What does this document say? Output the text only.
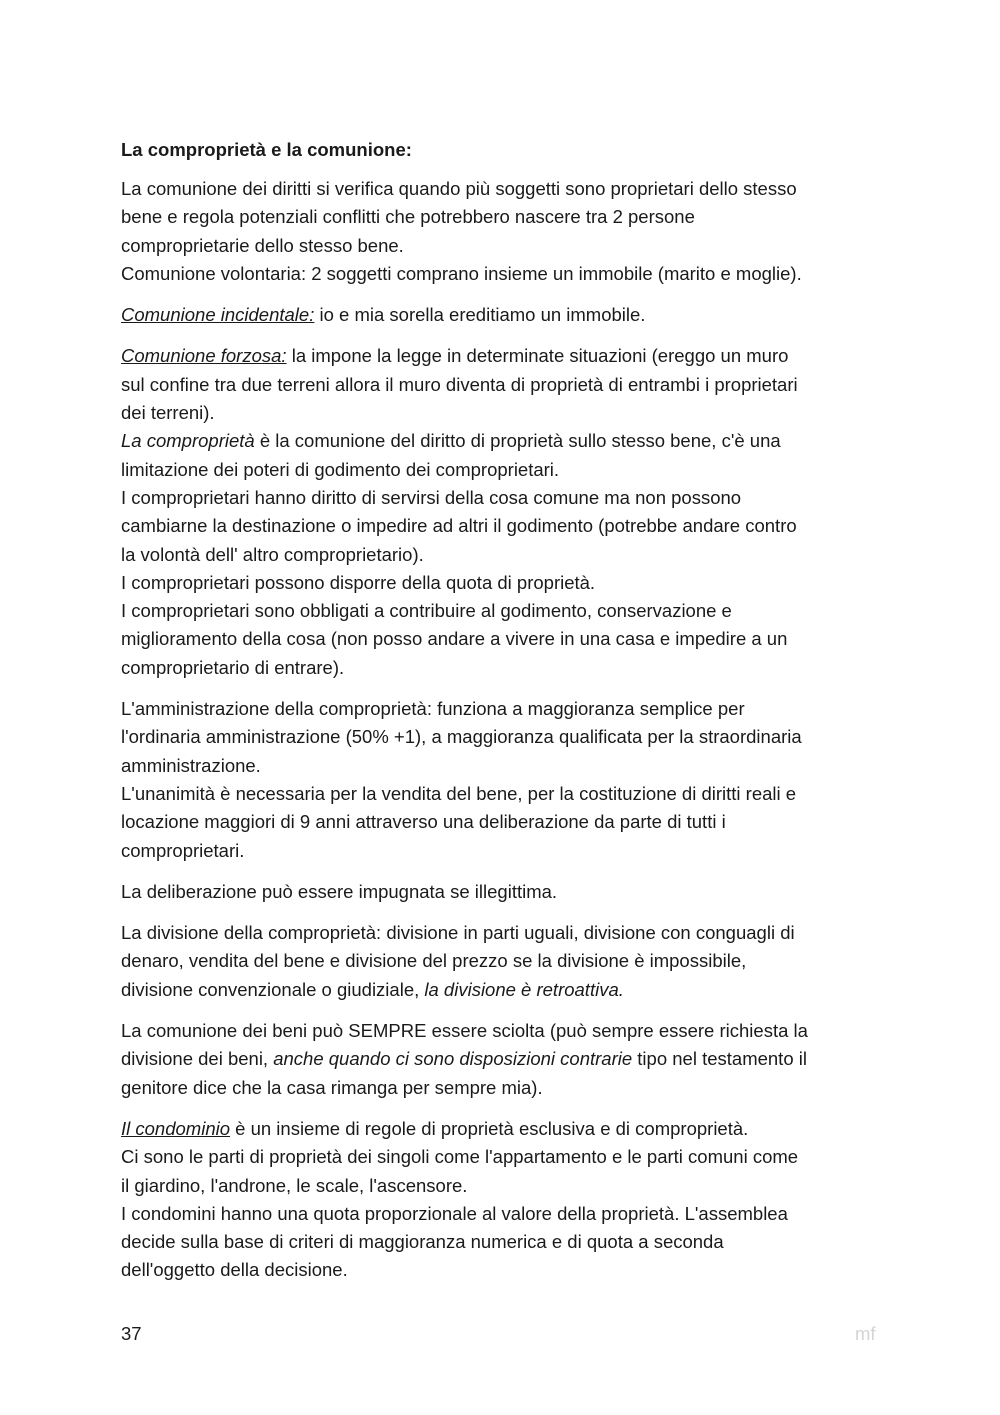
La comproprietà e la comunione:
La comunione dei diritti si verifica quando più soggetti sono proprietari dello stesso
bene e regola potenziali conflitti che potrebbero nascere tra 2 persone
comproprietarie dello stesso bene.
Comunione volontaria: 2 soggetti comprano insieme un immobile (marito e moglie).
Comunione incidentale: io e mia sorella ereditiamo un immobile.
Comunione forzosa: la impone la legge in determinate situazioni (ereggo un muro
sul confine tra due terreni allora il muro diventa di proprietà di entrambi i proprietari
dei terreni).
La comproprietà è la comunione del diritto di proprietà sullo stesso bene, c'è una
limitazione dei poteri di godimento dei comproprietari.
I comproprietari hanno diritto di servirsi della cosa comune ma non possono
cambiarne la destinazione o impedire ad altri il godimento (potrebbe andare contro
la volontà dell' altro comproprietario).
I comproprietari possono disporre della quota di proprietà.
I comproprietari sono obbligati a contribuire al godimento, conservazione e
miglioramento della cosa (non posso andare a vivere in una casa e impedire a un
comproprietario di entrare).
L'amministrazione della comproprietà: funziona a maggioranza semplice per
l'ordinaria amministrazione (50% +1), a maggioranza qualificata per la straordinaria
amministrazione.
L'unanimità è necessaria per la vendita del bene, per la costituzione di diritti reali e
locazione maggiori di 9 anni attraverso una deliberazione da parte di tutti i
comproprietari.
La deliberazione può essere impugnata se illegittima.
La divisione della comproprietà: divisione in parti uguali, divisione con conguagli di
denaro, vendita del bene e divisione del prezzo se la divisione è impossibile,
divisione convenzionale o giudiziale, la divisione è retroattiva.
La comunione dei beni può SEMPRE essere sciolta (può sempre essere richiesta la
divisione dei beni, anche quando ci sono disposizioni contrarie tipo nel testamento il
genitore dice che la casa rimanga per sempre mia).
Il condominio è un insieme di regole di proprietà esclusiva e di comproprietà.
Ci sono le parti di proprietà dei singoli come l'appartamento e le parti comuni come
il giardino, l'androne, le scale, l'ascensore.
I condomini hanno una quota proporzionale al valore della proprietà. L'assemblea
decide sulla base di criteri di maggioranza numerica e di quota a seconda
dell'oggetto della decisione.
37	mf
